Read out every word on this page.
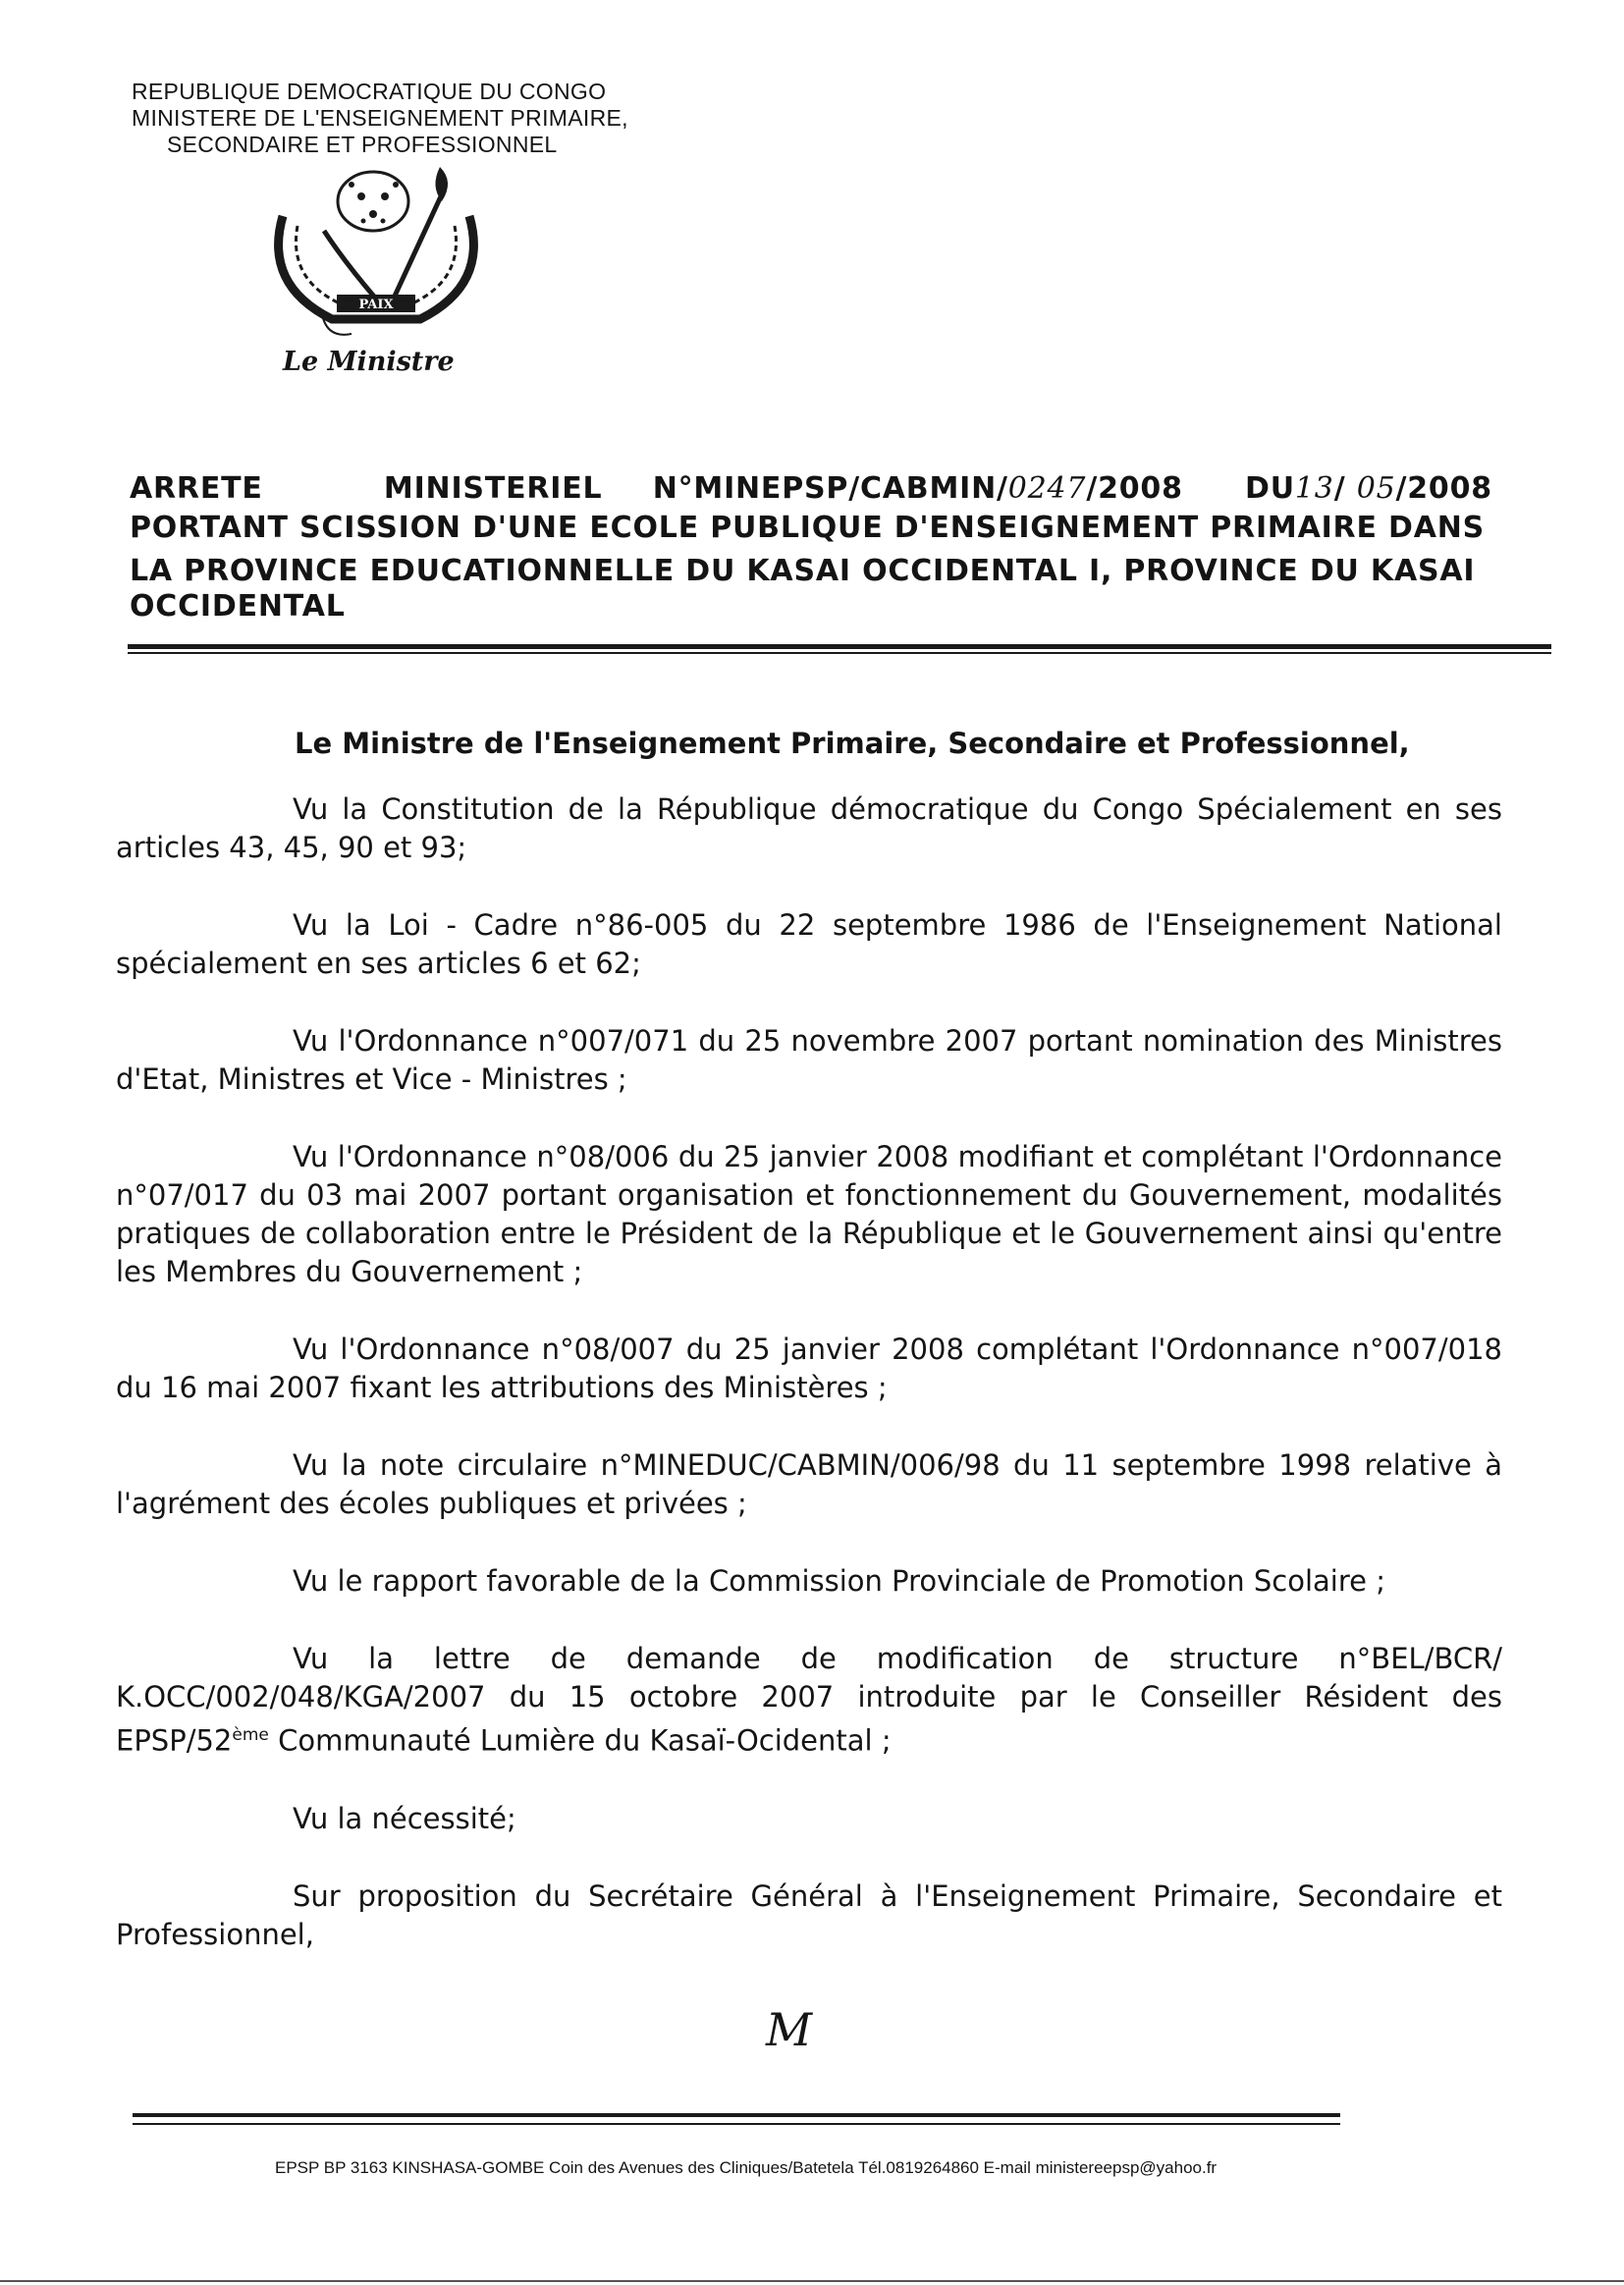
REPUBLIQUE DEMOCRATIQUE DU CONGO
MINISTERE DE L'ENSEIGNEMENT PRIMAIRE,
SECONDAIRE ET PROFESSIONNEL
PAIX
Le Ministre
ARRETE	MINISTERIEL N°MINEPSP/CABMIN/0247/2008 DU13/ 05/2008
PORTANT SCISSION D'UNE ECOLE PUBLIQUE D'ENSEIGNEMENT PRIMAIRE DANS
LA PROVINCE EDUCATIONNELLE DU KASAI OCCIDENTAL I, PROVINCE DU KASAI
OCCIDENTAL
Le Ministre de l'Enseignement Primaire, Secondaire et Professionnel,

Vu la Constitution de la République démocratique du Congo Spécialement en ses articles 43, 45, 90 et 93;

Vu la Loi - Cadre n°86-005 du 22 septembre 1986 de l'Enseignement National spécialement en ses articles 6 et 62;

Vu l'Ordonnance n°007/071 du 25 novembre 2007 portant nomination des Ministres d'Etat, Ministres et Vice - Ministres ;

Vu l'Ordonnance n°08/006 du 25 janvier 2008 modifiant et complétant l'Ordonnance n°07/017 du 03 mai 2007 portant organisation et fonctionnement du Gouvernement, modalités pratiques de collaboration entre le Président de la République et le Gouvernement ainsi qu'entre les Membres du Gouvernement ;

Vu l'Ordonnance n°08/007 du 25 janvier 2008 complétant l'Ordonnance n°007/018 du 16 mai 2007 fixant les attributions des Ministères ;

Vu la note circulaire n°MINEDUC/CABMIN/006/98 du 11 septembre 1998 relative à l'agrément des écoles publiques et privées ;

Vu le rapport favorable de la Commission Provinciale de Promotion Scolaire ;

Vu la lettre de demande de modification de structure n°BEL/BCR/ K.OCC/002/048/KGA/2007 du 15 octobre 2007 introduite par le Conseiller Résident des EPSP/52ème Communauté Lumière du Kasaï-Ocidental ;

Vu la nécessité;

Sur proposition du Secrétaire Général à l'Enseignement Primaire, Secondaire et Professionnel,

M
EPSP BP 3163 KINSHASA-GOMBE Coin des Avenues des Cliniques/Batetela Tél.0819264860 E-mail ministereepsp@yahoo.fr
